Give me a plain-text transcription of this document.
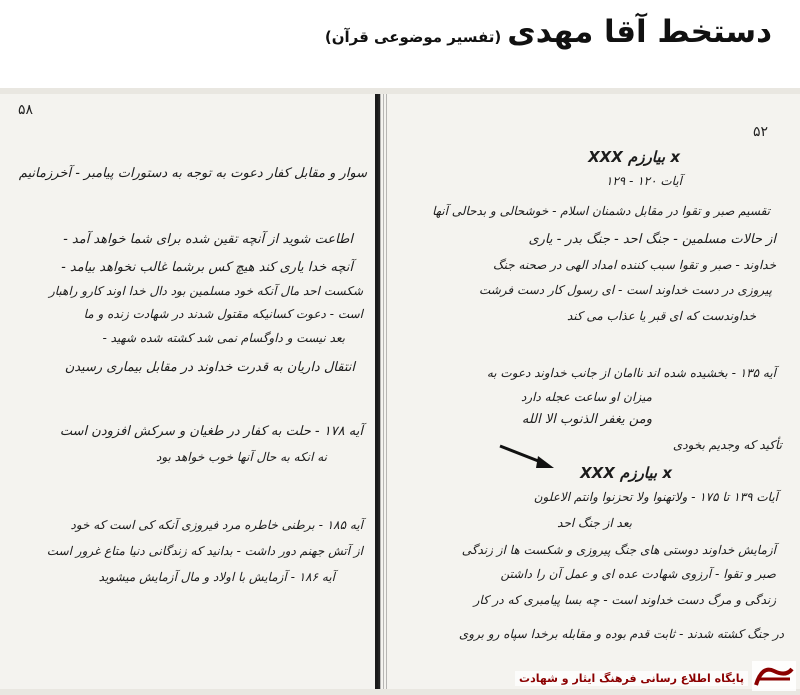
دستخط آقا مهدی(تفسیر موضوعی قرآن)
۵۸
سوار و مقابل کفار دعوت به توجه به دستورات پیامبر - آخرزمانیم
اطاعت شوید از آنچه تقین شده برای شما خواهد آمد -
آنچه خدا یاری کند هیچ کس برشما غالب نخواهد بیامد -
شکست احد مال آنکه خود مسلمین بود دال خدا اوند کارو راهبار
است - دعوت کسانیکه مقتول شدند در شهادت زنده و ما
بعد نیست و داوگسام نمی شد کشته شده شهید -
انتقال داریان به قدرت خداوند در مقابل بیماری رسیدن
آیه ۱۷۸ - حلت به کفار در طغیان و سرکش افزودن است
نه انکه به حال آنها خوب خواهد بود
آیه ۱۸۵ - برطنی خاطره مرد فیروزی آنکه کی است که خود
از آتش جهنم دور داشت - بدانید که زندگانی دنیا متاع غرور است
آیه ۱۸۶ - آزمایش با اولاد و مال آزمایش میشوید
۵۲
x بیارزم XXX
آیات ۱۲۰ - ۱۲۹
تقسیم صبر و تقوا در مقابل دشمنان اسلام - خوشحالی و بدحالی آنها
از حالات مسلمین - جنگ احد - جنگ بدر - یاری
خداوند - صبر و تقوا سبب کننده امداد الهی در صحنه جنگ
پیروزی در دست خداوند است - ای رسول کار دست فرشت
خداوندست که ای قبر یا عذاب می کند
آیه ۱۳۵ - بخشیده شده اند ناامان از جانب خداوند دعوت به
میزان او ساعت عجله دارد
ومن یغفر الذنوب الا الله
تأکید که وجدیم بخودی
x بیارزم XXX
آیات ۱۳۹ تا ۱۷۵ - ولاتهنوا ولا تحزنوا وانتم الاعلون
بعد از جنگ احد
آزمایش خداوند دوستی های جنگ پیروزی و شکست ها از زندگی
صبر و تقوا - آرزوی شهادت عده ای و عمل آن را داشتن
زندگی و مرگ دست خداوند است - چه بسا پیامبری که در کار
در جنگ کشته شدند - ثابت قدم بوده و مقابله برخدا سپاه رو بروی
پایگاه اطلاع رسانی فرهنگ ایثار و شهادت
